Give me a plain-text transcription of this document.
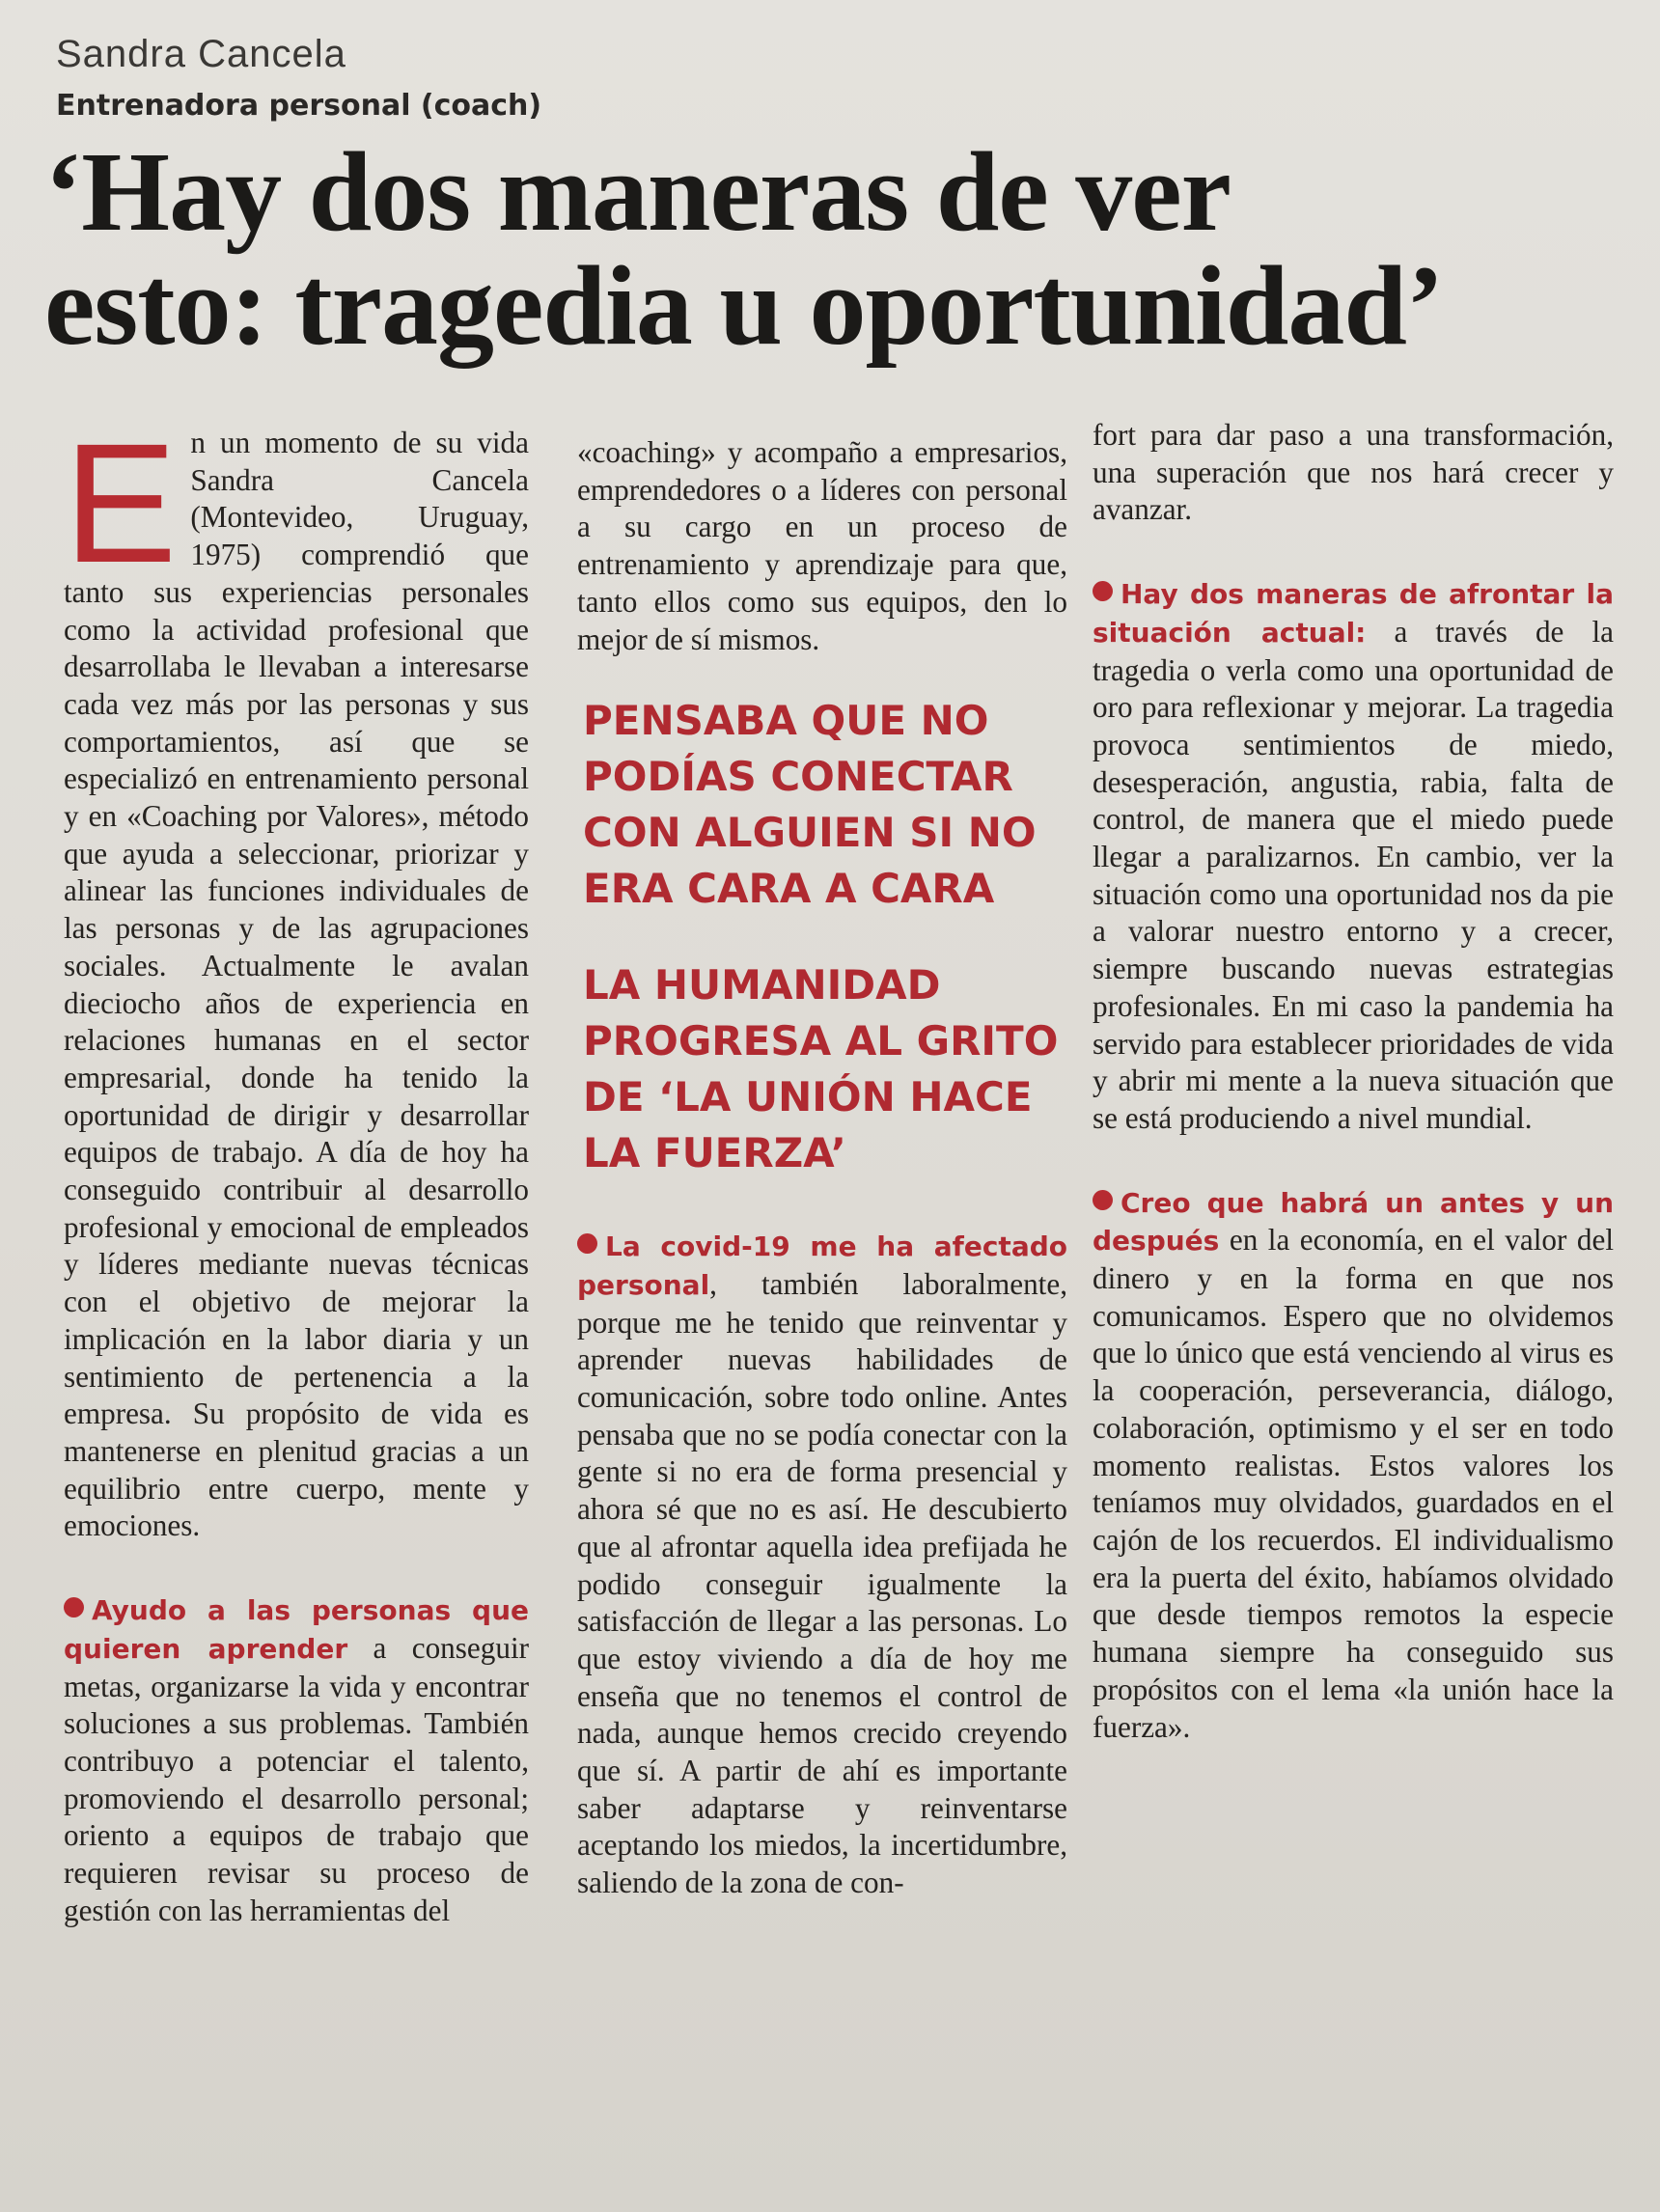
Sandra Cancela
Entrenadora personal (coach)
‘Hay dos maneras de ver
esto: tragedia u oportunidad’

En un momento de su vida Sandra Cancela (Montevideo, Uruguay, 1975) comprendió que tanto sus experiencias personales como la actividad profesional que desarrollaba le llevaban a interesarse cada vez más por las personas y sus comportamientos, así que se especializó en entrenamiento personal y en «Coaching por Valores», método que ayuda a seleccionar, priorizar y alinear las funciones individuales de las personas y de las agrupaciones sociales. Actualmente le avalan dieciocho años de experiencia en relaciones humanas en el sector empresarial, donde ha tenido la oportunidad de dirigir y desarrollar equipos de trabajo. A día de hoy ha conseguido contribuir al desarrollo profesional y emocional de empleados y líderes mediante nuevas técnicas con el objetivo de mejorar la implicación en la labor diaria y un sentimiento de pertenencia a la empresa. Su propósito de vida es mantenerse en plenitud gracias a un equilibrio entre cuerpo, mente y emociones.

Ayudo a las personas que quieren aprender a conseguir metas, organizarse la vida y encontrar soluciones a sus problemas. También contribuyo a potenciar el talento, promoviendo el desarrollo personal; oriento a equipos de trabajo que requieren revisar su proceso de gestión con las herramientas del

«coaching» y acompaño a empresarios, emprendedores o a líderes con personal a su cargo en un proceso de entrenamiento y aprendizaje para que, tanto ellos como sus equipos, den lo mejor de sí mismos.

PENSABA QUE NO PODÍAS CONECTAR CON ALGUIEN SI NO ERA CARA A CARA
LA HUMANIDAD PROGRESA AL GRITO DE ‘LA UNIÓN HACE LA FUERZA’

La covid-19 me ha afectado personal, también laboralmente, porque me he tenido que reinventar y aprender nuevas habilidades de comunicación, sobre todo online. Antes pensaba que no se podía conectar con la gente si no era de forma presencial y ahora sé que no es así. He descubierto que al afrontar aquella idea prefijada he podido conseguir igualmente la satisfacción de llegar a las personas. Lo que estoy viviendo a día de hoy me enseña que no tenemos el control de nada, aunque hemos crecido creyendo que sí. A partir de ahí es importante saber adaptarse y reinventarse aceptando los miedos, la incertidumbre, saliendo de la zona de con-

fort para dar paso a una transformación, una superación que nos hará crecer y avanzar.

Hay dos maneras de afrontar la situación actual: a través de la tragedia o verla como una oportunidad de oro para reflexionar y mejorar. La tragedia provoca sentimientos de miedo, desesperación, angustia, rabia, falta de control, de manera que el miedo puede llegar a paralizarnos. En cambio, ver la situación como una oportunidad nos da pie a valorar nuestro entorno y a crecer, siempre buscando nuevas estrategias profesionales. En mi caso la pandemia ha servido para establecer prioridades de vida y abrir mi mente a la nueva situación que se está produciendo a nivel mundial.

Creo que habrá un antes y un después en la economía, en el valor del dinero y en la forma en que nos comunicamos. Espero que no olvidemos que lo único que está venciendo al virus es la cooperación, perseverancia, diálogo, colaboración, optimismo y el ser en todo momento realistas. Estos valores los teníamos muy olvidados, guardados en el cajón de los recuerdos. El individualismo era la puerta del éxito, habíamos olvidado que desde tiempos remotos la especie humana siempre ha conseguido sus propósitos con el lema «la unión hace la fuerza».
